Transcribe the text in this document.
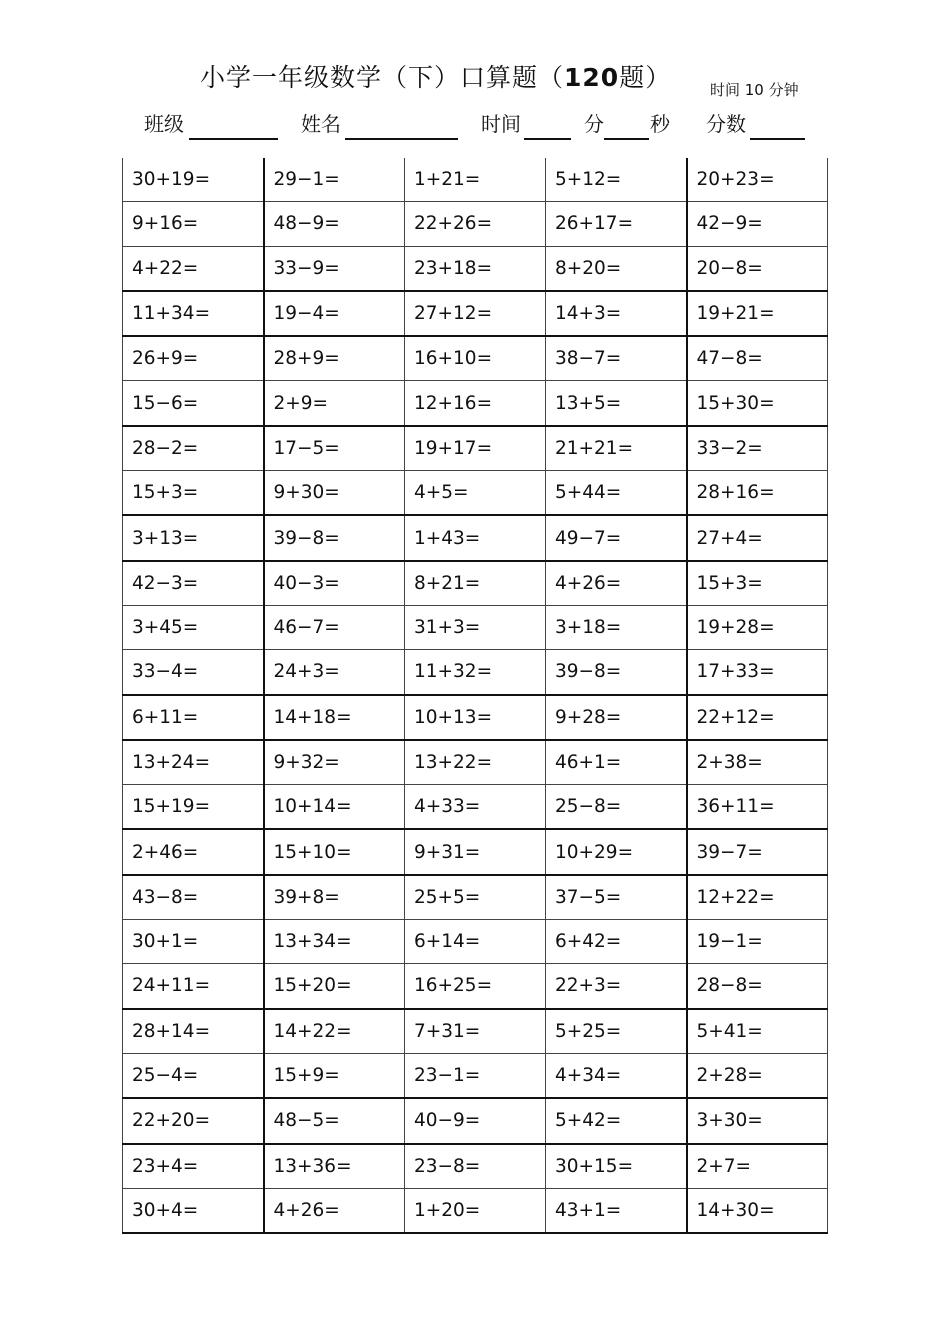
小学一年级数学（下）口算题（120题）	时间 10 分钟
班级	姓名	时间	分 秒 分数
30+19=	29−1=	1+21=	5+12=	20+23=
9+16=	48−9=	22+26=	26+17=	42−9=
4+22=	33−9=	23+18=	8+20=	20−8=
11+34=	19−4=	27+12=	14+3=	19+21=
26+9=	28+9=	16+10=	38−7=	47−8=
15−6=	2+9=	12+16=	13+5=	15+30=
28−2=	17−5=	19+17=	21+21=	33−2=
15+3=	9+30=	4+5=	5+44=	28+16=
3+13=	39−8=	1+43=	49−7=	27+4=
42−3=	40−3=	8+21=	4+26=	15+3=
3+45=	46−7=	31+3=	3+18=	19+28=
33−4=	24+3=	11+32=	39−8=	17+33=
6+11=	14+18=	10+13=	9+28=	22+12=
13+24=	9+32=	13+22=	46+1=	2+38=
15+19=	10+14=	4+33=	25−8=	36+11=
2+46=	15+10=	9+31=	10+29=	39−7=
43−8=	39+8=	25+5=	37−5=	12+22=
30+1=	13+34=	6+14=	6+42=	19−1=
24+11=	15+20=	16+25=	22+3=	28−8=
28+14=	14+22=	7+31=	5+25=	5+41=
25−4=	15+9=	23−1=	4+34=	2+28=
22+20=	48−5=	40−9=	5+42=	3+30=
23+4=	13+36=	23−8=	30+15=	2+7=
30+4=	4+26=	1+20=	43+1=	14+30=
